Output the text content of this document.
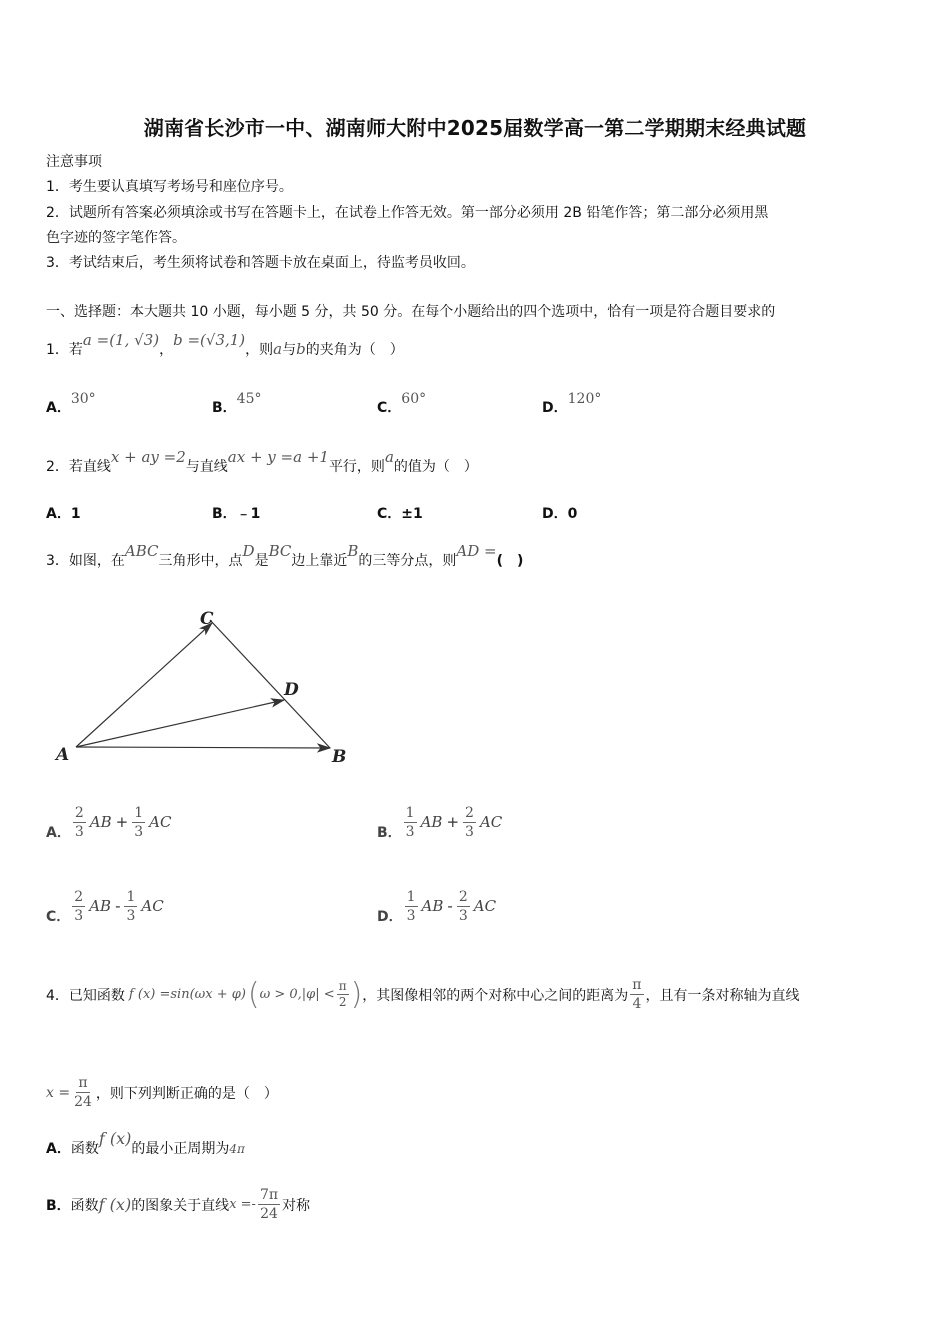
湖南省长沙市一中、湖南师大附中2025届数学高一第二学期期末经典试题
注意事项
1．考生要认真填写考场号和座位序号。
2．试题所有答案必须填涂或书写在答题卡上，在试卷上作答无效。第一部分必须用 2B 铅笔作答；第二部分必须用黑
色字迹的签字笔作答。
3．考试结束后，考生须将试卷和答题卡放在桌面上，待监考员收回。
一、选择题：本大题共 10 小题，每小题 5 分，共 50 分。在每个小题给出的四个选项中，恰有一项是符合题目要求的
1．若a =(1, √3)，b =(√3,1)，则a与b的夹角为（　）
A．30°
B．45°
C．60°
D．120°
2．若直线x + ay =2与直线ax + y =a +1平行，则a的值为（　）
A．1	B．﹣1	C．±1	D．0
3．如图，在ABC三角形中，点D是BC边上靠近B的三等分点，则AD =(　)
A	B
C
D
A． $\frac{2}{3}$ AB + $\frac{1}{3}$ AC
B． $\frac{1}{3}$ AB + $\frac{2}{3}$ AC
C． $\frac{2}{3}$ AB - $\frac{1}{3}$ AC
D． $\frac{1}{3}$ AB - $\frac{2}{3}$ AC
4．已知函数 f (x) =sin(ωx + φ) ( $\omega > 0,|\varphi| < \frac{\pi}{2}$ ) ，其图像相邻的两个对称中心之间的距离为 $\frac{\pi}{4}$ ，且有一条对称轴为直线
$x = \frac{\pi}{24}$ ，则下列判断正确的是（　）
A．函数f (x)的最小正周期为4π
B． 函数 f (x) 的图象关于直线 $x =- \frac{7\pi}{24}$ 对称
